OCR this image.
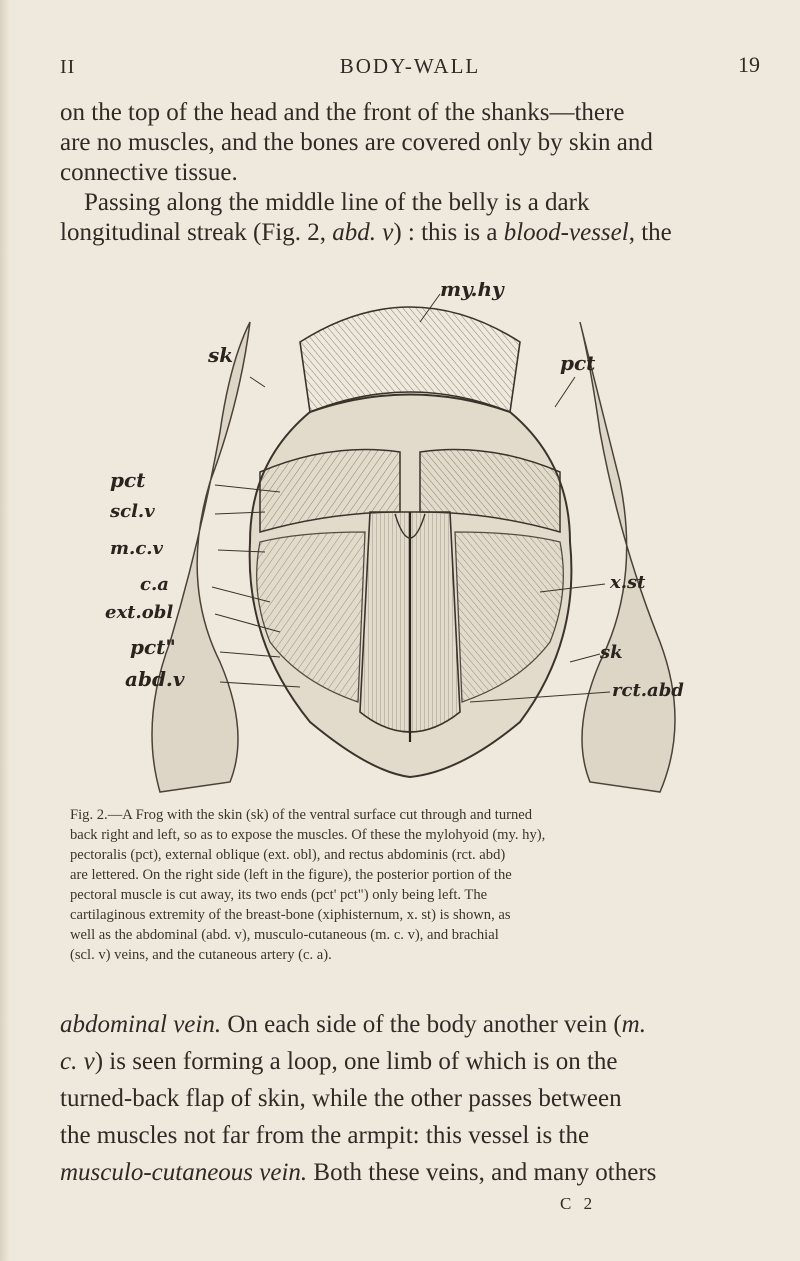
II	BODY-WALL	19

on the top of the head and the front of the shanks—there
are no muscles, and the bones are covered only by skin and
connective tissue.
Passing along the middle line of the belly is a dark
longitudinal streak (Fig. 2, abd. v) : this is a blood-vessel, the

my.hy
sk	pct
pct
scl.v
m.c.v
c.a
ext.obl
pct"
abd.v
x.st
sk
rct.abd

Fig. 2.—A Frog with the skin (sk) of the ventral surface cut through and turned
back right and left, so as to expose the muscles. Of these the mylohyoid (my. hy),
pectoralis (pct), external oblique (ext. obl), and rectus abdominis (rct. abd)
are lettered. On the right side (left in the figure), the posterior portion of the
pectoral muscle is cut away, its two ends (pct' pct") only being left. The
cartilaginous extremity of the breast-bone (xiphisternum, x. st) is shown, as
well as the abdominal (abd. v), musculo-cutaneous (m. c. v), and brachial
(scl. v) veins, and the cutaneous artery (c. a).

abdominal vein. On each side of the body another vein (m.
c. v) is seen forming a loop, one limb of which is on the
turned-back flap of skin, while the other passes between
the muscles not far from the armpit: this vessel is the
musculo-cutaneous vein. Both these veins, and many others

C 2
